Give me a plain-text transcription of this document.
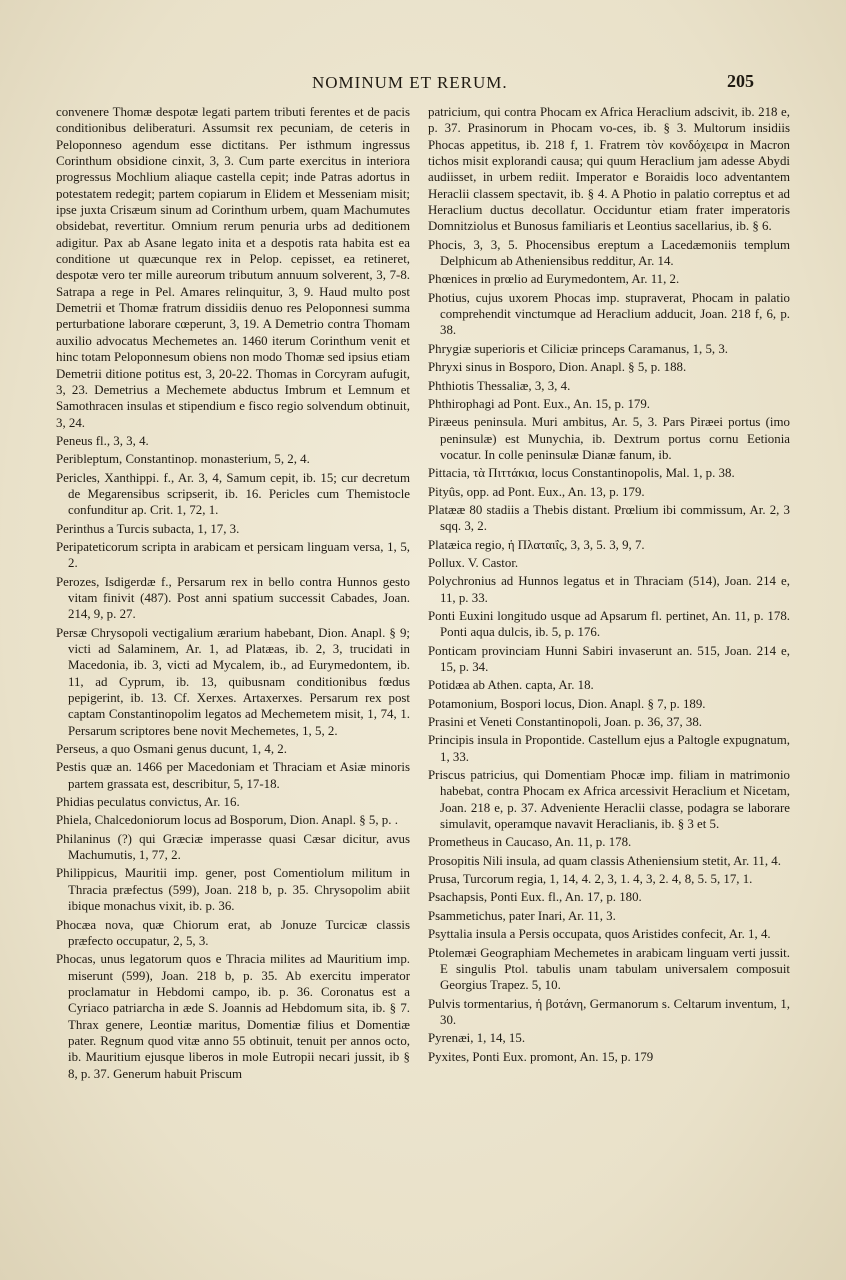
NOMINUM ET RERUM.	205

convenere Thomæ despotæ legati partem tributi ferentes et de pacis conditionibus deliberaturi. Assumsit rex pecuniam, de ceteris in Peloponneso agendum esse dictitans. Per isthmum ingressus Corinthum obsidione cinxit, 3, 3. Cum parte exercitus in interiora progressus Mochlium aliaque castella cepit; inde Patras adortus in potestatem redegit; partem copiarum in Elidem et Messeniam misit; ipse juxta Crisæum sinum ad Corinthum urbem, quam Machumutes obsidebat, revertitur. Omnium rerum penuria urbs ad deditionem adigitur. Pax ab Asane legato inita et a despotis rata habita est ea conditione ut quæcunque rex in Pelop. cepisset, ea retineret, despotæ vero ter mille aureorum tributum annuum solverent, 3, 7-8. Satrapa a rege in Pel. Amares relinquitur, 3, 9. Haud multo post Demetrii et Thomæ fratrum dissidiis denuo res Peloponnesi summa perturbatione laborare cœperunt, 3, 19. A Demetrio contra Thomam auxilio advocatus Mechemetes an. 1460 iterum Corinthum venit et hinc totam Peloponnesum obiens non modo Thomæ sed ipsius etiam Demetrii ditione potitus est, 3, 20-22. Thomas in Corcyram aufugit, 3, 23. Demetrius a Mechemete abductus Imbrum et Lemnum et Samothracen insulas et stipendium e fisco regio solvendum obtinuit, 3, 24.

Peneus fl., 3, 3, 4.

Peribleptum, Constantinop. monasterium, 5, 2, 4.

Pericles, Xanthippi. f., Ar. 3, 4, Samum cepit, ib. 15; cur decretum de Megarensibus scripserit, ib. 16. Pericles cum Themistocle confunditur ap. Crit. 1, 72, 1.

Perinthus a Turcis subacta, 1, 17, 3.

Peripateticorum scripta in arabicam et persicam linguam versa, 1, 5, 2.

Perozes, Isdigerdæ f., Persarum rex in bello contra Hunnos gesto vitam finivit (487). Post anni spatium successit Cabades, Joan. 214, 9, p. 27.

Persæ Chrysopoli vectigalium ærarium habebant, Dion. Anapl. § 9; victi ad Salaminem, Ar. 1, ad Platæas, ib. 2, 3, trucidati in Macedonia, ib. 3, victi ad Mycalem, ib., ad Eurymedontem, ib. 11, ad Cyprum, ib. 13, quibusnam conditionibus fœdus pepigerint, ib. 13. Cf. Xerxes. Artaxerxes. Persarum rex post captam Constantinopolim legatos ad Mechemetem misit, 1, 74, 1. Persarum scriptores bene novit Mechemetes, 1, 5, 2.

Perseus, a quo Osmani genus ducunt, 1, 4, 2.

Pestis quæ an. 1466 per Macedoniam et Thraciam et Asiæ minoris partem grassata est, describitur, 5, 17-18.

Phidias peculatus convictus, Ar. 16.

Phiela, Chalcedoniorum locus ad Bosporum, Dion. Anapl. § 5, p. .

Philaninus (?) qui Græciæ imperasse quasi Cæsar dicitur, avus Machumutis, 1, 77, 2.

Philippicus, Mauritii imp. gener, post Comentiolum militum in Thracia præfectus (599), Joan. 218 b, p. 35. Chrysopolim abiit ibique monachus vixit, ib. p. 36.

Phocæa nova, quæ Chiorum erat, ab Jonuze Turcicæ classis præfecto occupatur, 2, 5, 3.

Phocas, unus legatorum quos e Thracia milites ad Mauritium imp. miserunt (599), Joan. 218 b, p. 35. Ab exercitu imperator proclamatur in Hebdomi campo, ib. p. 36. Coronatus est a Cyriaco patriarcha in æde S. Joannis ad Hebdomum sita, ib. § 7. Thrax genere, Leontiæ maritus, Domentiæ filius et Domentiæ pater. Regnum quod vitæ anno 55 obtinuit, tenuit per annos octo, ib. Mauritium ejusque liberos in mole Eutropii necari jussit, ib § 8, p. 37. Generum habuit Priscum

patricium, qui contra Phocam ex Africa Heraclium adscivit, ib. 218 e, p. 37. Prasinorum in Phocam vo-ces, ib. § 3. Multorum insidiis Phocas appetitus, ib. 218 f, 1. Fratrem τὸν κονδόχειρα in Macron tichos misit explorandi causa; qui quum Heraclium jam adesse Abydi audiisset, in urbem rediit. Imperator e Boraidis loco adventantem Heraclii classem spectavit, ib. § 4. A Photio in palatio correptus et ad Heraclium ductus decollatur. Occiduntur etiam frater imperatoris Domnitziolus et Bunosus familiaris et Leontius sacellarius, ib. § 6.

Phocis, 3, 3, 5. Phocensibus ereptum a Lacedæmoniis templum Delphicum ab Atheniensibus redditur, Ar. 14.

Phœnices in prœlio ad Eurymedontem, Ar. 11, 2.

Photius, cujus uxorem Phocas imp. stupraverat, Phocam in palatio comprehendit vinctumque ad Heraclium adducit, Joan. 218 f, 6, p. 38.

Phrygiæ superioris et Ciliciæ princeps Caramanus, 1, 5, 3.

Phryxi sinus in Bosporo, Dion. Anapl. § 5, p. 188.

Phthiotis Thessaliæ, 3, 3, 4.

Phthirophagi ad Pont. Eux., An. 15, p. 179.

Piræeus peninsula. Muri ambitus, Ar. 5, 3. Pars Piræei portus (imo peninsulæ) est Munychia, ib. Dextrum portus cornu Eetionia vocatur. In colle peninsulæ Dianæ fanum, ib.

Pittacia, τὰ Πιττάκια, locus Constantinopolis, Mal. 1, p. 38.

Pityûs, opp. ad Pont. Eux., An. 13, p. 179.

Platææ 80 stadiis a Thebis distant. Prœlium ibi commissum, Ar. 2, 3 sqq. 3, 2.

Platæica regio, ἡ Πλαταιΐς, 3, 3, 5. 3, 9, 7.

Pollux. V. Castor.

Polychronius ad Hunnos legatus et in Thraciam (514), Joan. 214 e, 11, p. 33.

Ponti Euxini longitudo usque ad Apsarum fl. pertinet, An. 11, p. 178. Ponti aqua dulcis, ib. 5, p. 176.

Ponticam provinciam Hunni Sabiri invaserunt an. 515, Joan. 214 e, 15, p. 34.

Potidæa ab Athen. capta, Ar. 18.

Potamonium, Bospori locus, Dion. Anapl. § 7, p. 189.

Prasini et Veneti Constantinopoli, Joan. p. 36, 37, 38.

Principis insula in Propontide. Castellum ejus a Paltogle expugnatum, 1, 33.

Priscus patricius, qui Domentiam Phocæ imp. filiam in matrimonio habebat, contra Phocam ex Africa arcessivit Heraclium et Nicetam, Joan. 218 e, p. 37. Adveniente Heraclii classe, podagra se laborare simulavit, operamque navavit Heraclianis, ib. § 3 et 5.

Prometheus in Caucaso, An. 11, p. 178.

Prosopitis Nili insula, ad quam classis Atheniensium stetit, Ar. 11, 4.

Prusa, Turcorum regia, 1, 14, 4. 2, 3, 1. 4, 3, 2. 4, 8, 5. 5, 17, 1.

Psachapsis, Ponti Eux. fl., An. 17, p. 180.

Psammetichus, pater Inari, Ar. 11, 3.

Psyttalia insula a Persis occupata, quos Aristides confecit, Ar. 1, 4.

Ptolemæi Geographiam Mechemetes in arabicam linguam verti jussit. E singulis Ptol. tabulis unam tabulam universalem composuit Georgius Trapez. 5, 10.

Pulvis tormentarius, ἡ βοτάνη, Germanorum s. Celtarum inventum, 1, 30.

Pyrenæi, 1, 14, 15.

Pyxites, Ponti Eux. promont, An. 15, p. 179
